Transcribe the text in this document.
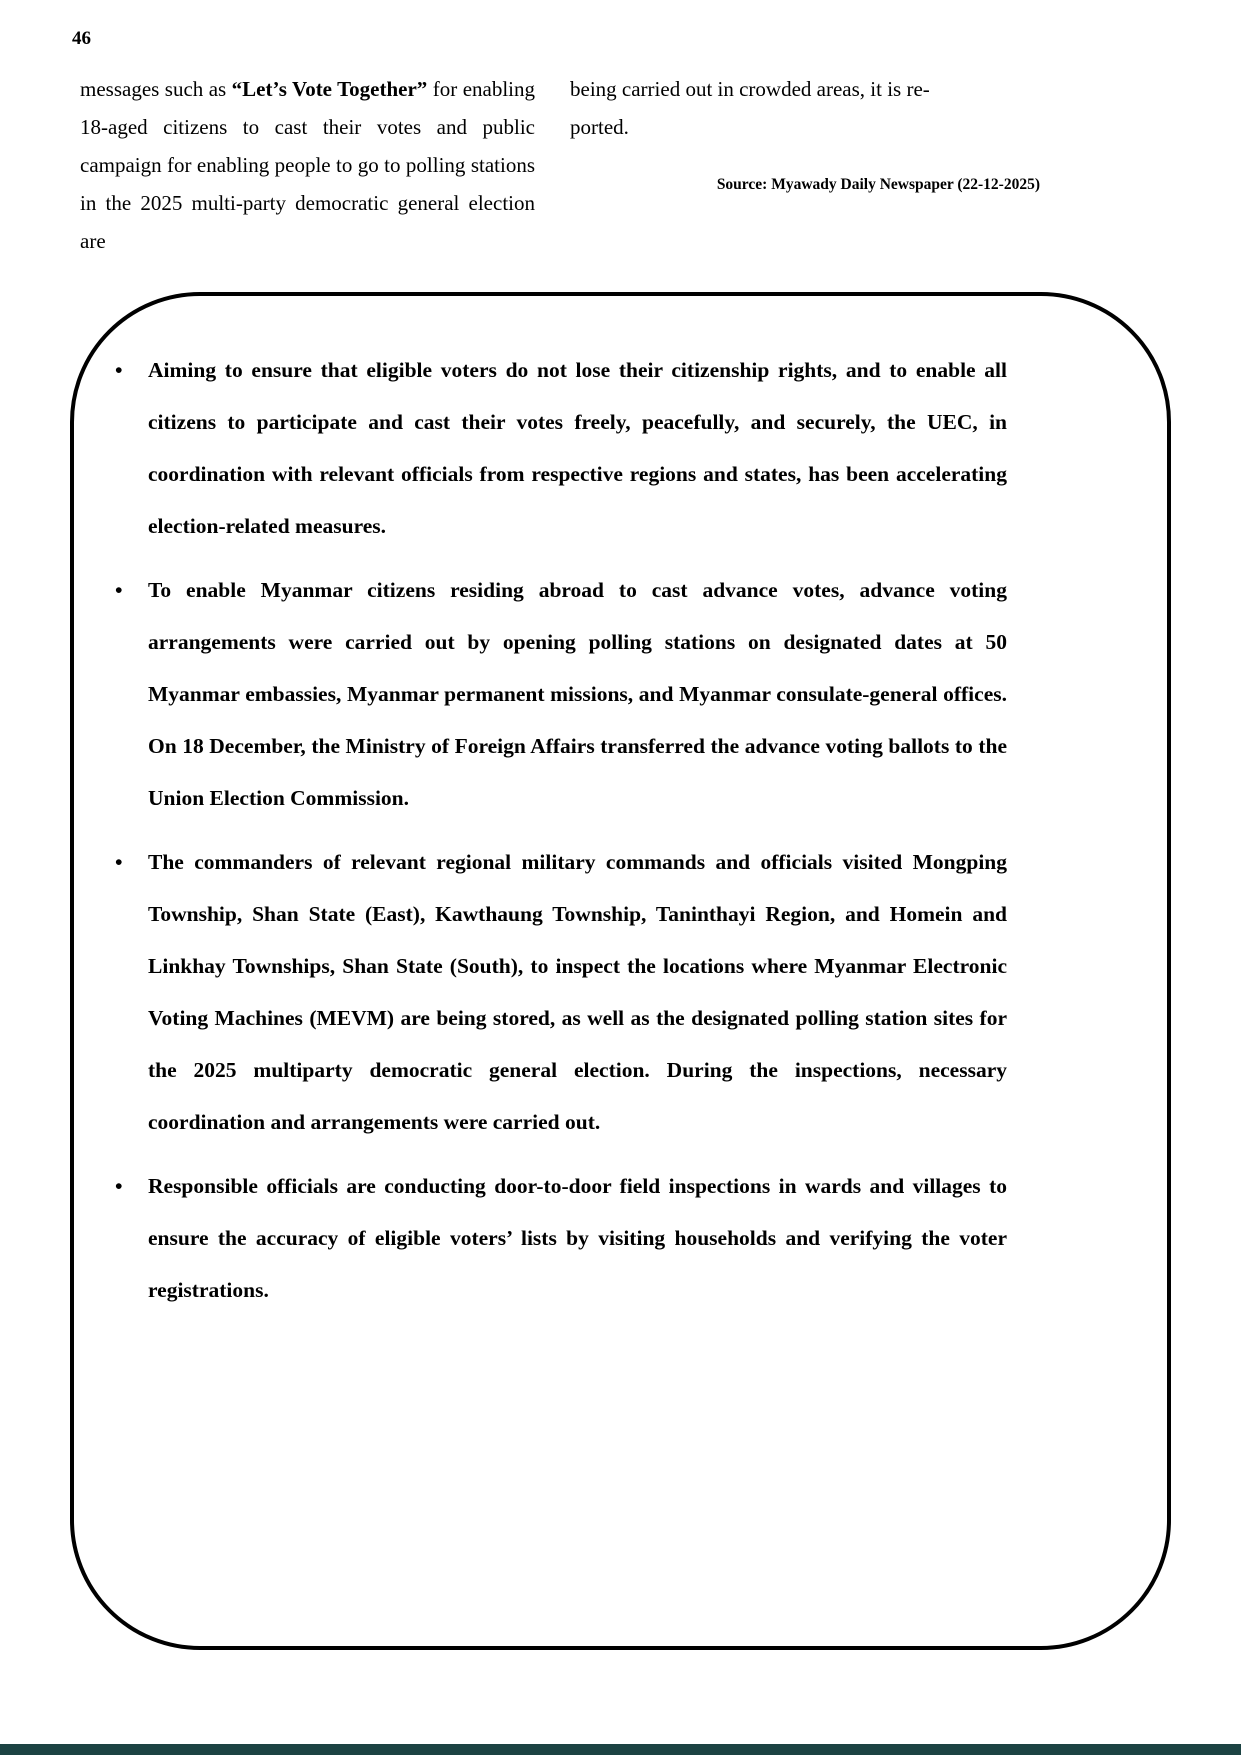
46
messages such as “Let’s Vote Together” for enabling 18-aged citizens to cast their votes and public campaign for enabling people to go to polling stations in the 2025 multi-party democratic general election are
being carried out in crowded areas, it is re-
ported.
Source: Myawady Daily Newspaper (22-12-2025)
•	Aiming to ensure that eligible voters do not lose their citizenship rights, and to enable all citizens to participate and cast their votes freely, peacefully, and securely, the UEC, in coordination with relevant officials from respective regions and states, has been accelerating election-related measures.
•	To enable Myanmar citizens residing abroad to cast advance votes, advance voting arrangements were carried out by opening polling stations on designated dates at 50 Myanmar embassies, Myanmar permanent missions, and Myanmar consulate-general offices. On 18 December, the Ministry of Foreign Affairs transferred the advance voting ballots to the Union Election Commission.
•	The commanders of relevant regional military commands and officials visited Mongping Township, Shan State (East), Kawthaung Township, Taninthayi Region, and Homein and Linkhay Townships, Shan State (South), to inspect the locations where Myanmar Electronic Voting Machines (MEVM) are being stored, as well as the designated polling station sites for the 2025 multiparty democratic general election. During the inspections, necessary coordination and arrangements were carried out.
•	Responsible officials are conducting door-to-door field inspections in wards and villages to ensure the accuracy of eligible voters’ lists by visiting households and verifying the voter registrations.
